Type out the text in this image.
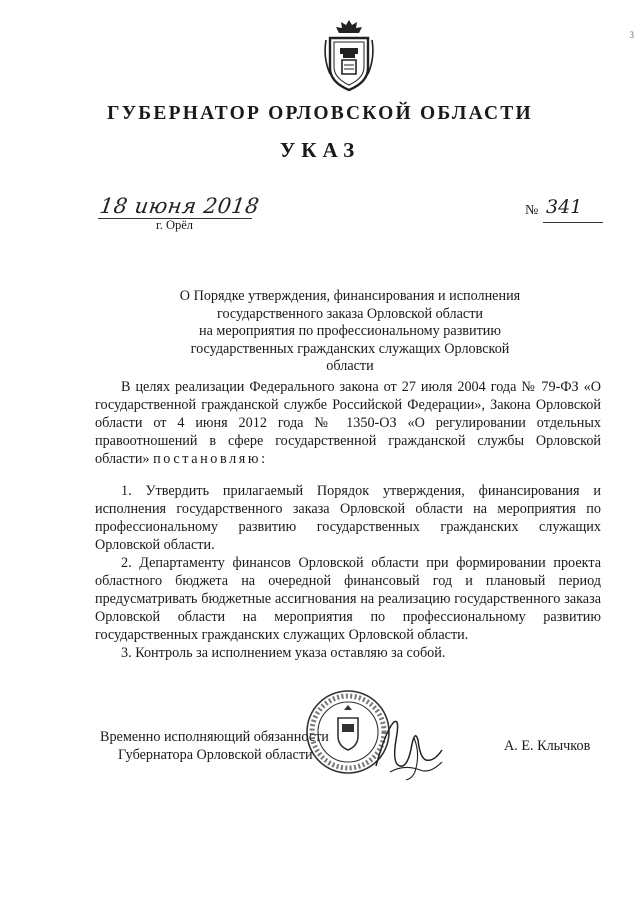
3
ГУБЕРНАТОР ОРЛОВСКОЙ ОБЛАСТИ
УКАЗ
18 июня 2018
г. Орёл
№ 341
О Порядке утверждения, финансирования и исполнения
государственного заказа Орловской области
на мероприятия по профессиональному развитию
государственных гражданских служащих Орловской
области

В целях реализации Федерального закона от 27 июля 2004 года № 79-ФЗ «О государственной гражданской службе Российской Федерации», Закона Орловской области от 4 июня 2012 года № 1350-ОЗ «О регулировании отдельных правоотношений в сфере государственной гражданской службы Орловской области» постановляю:

1. Утвердить прилагаемый Порядок утверждения, финансирования и исполнения государственного заказа Орловской области на мероприятия по профессиональному развитию государственных гражданских служащих Орловской области.

2. Департаменту финансов Орловской области при формировании проекта областного бюджета на очередной финансовый год и плановый период предусматривать бюджетные ассигнования на реализацию государственного заказа Орловской области на мероприятия по профессиональному развитию государственных гражданских служащих Орловской области.

3. Контроль за исполнением указа оставляю за собой.

Временно исполняющий обязанности
Губернатора Орловской области
А. Е. Клычков
